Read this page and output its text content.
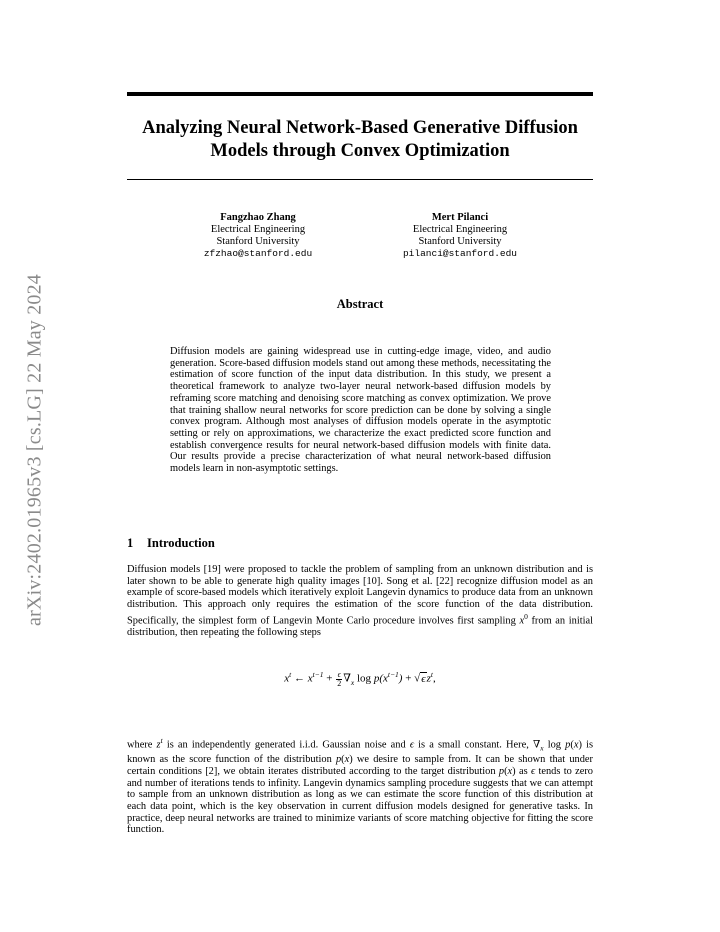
arXiv:2402.01965v3 [cs.LG] 22 May 2024
Analyzing Neural Network-Based Generative Diffusion Models through Convex Optimization
Fangzhao Zhang
Electrical Engineering
Stanford University
zfzhao@stanford.edu
Mert Pilanci
Electrical Engineering
Stanford University
pilanci@stanford.edu
Abstract

Diffusion models are gaining widespread use in cutting-edge image, video, and audio generation. Score-based diffusion models stand out among these methods, necessitating the estimation of score function of the input data distribution. In this study, we present a theoretical framework to analyze two-layer neural network-based diffusion models by reframing score matching and denoising score matching as convex optimization. We prove that training shallow neural networks for score prediction can be done by solving a single convex program. Although most analyses of diffusion models operate in the asymptotic setting or rely on approximations, we characterize the exact predicted score function and establish convergence results for neural network-based diffusion models with finite data. Our results provide a precise characterization of what neural network-based diffusion models learn in non-asymptotic settings.

1 Introduction

Diffusion models [19] were proposed to tackle the problem of sampling from an unknown distribution and is later shown to be able to generate high quality images [10]. Song et al. [22] recognize diffusion model as an example of score-based models which iteratively exploit Langevin dynamics to produce data from an unknown distribution. This approach only requires the estimation of the score function of the data distribution. Specifically, the simplest form of Langevin Monte Carlo procedure involves first sampling $x^0$ from an initial distribution, then repeating the following steps

$x^t$ ← $x^{t-1} + \frac{\epsilon}{2} \nabla_x$ $\log p(x^{t-1}) + √\epsilon z^t$,

where $z^t$ is an independently generated i.i.d. Gaussian noise and ϵ is a small constant. Here, $\nabla_x$ log p(x) is known as the score function of the distribution p(x) we desire to sample from. It can be shown that under certain conditions [2], we obtain iterates distributed according to the target distribution p(x) as ϵ tends to zero and number of iterations tends to infinity. Langevin dynamics sampling procedure suggests that we can attempt to sample from an unknown distribution as long as we can estimate the score function of this distribution at each data point, which is the key observation in current diffusion models designed for generative tasks. In practice, deep neural networks are trained to minimize variants of score matching objective for fitting the score function.
